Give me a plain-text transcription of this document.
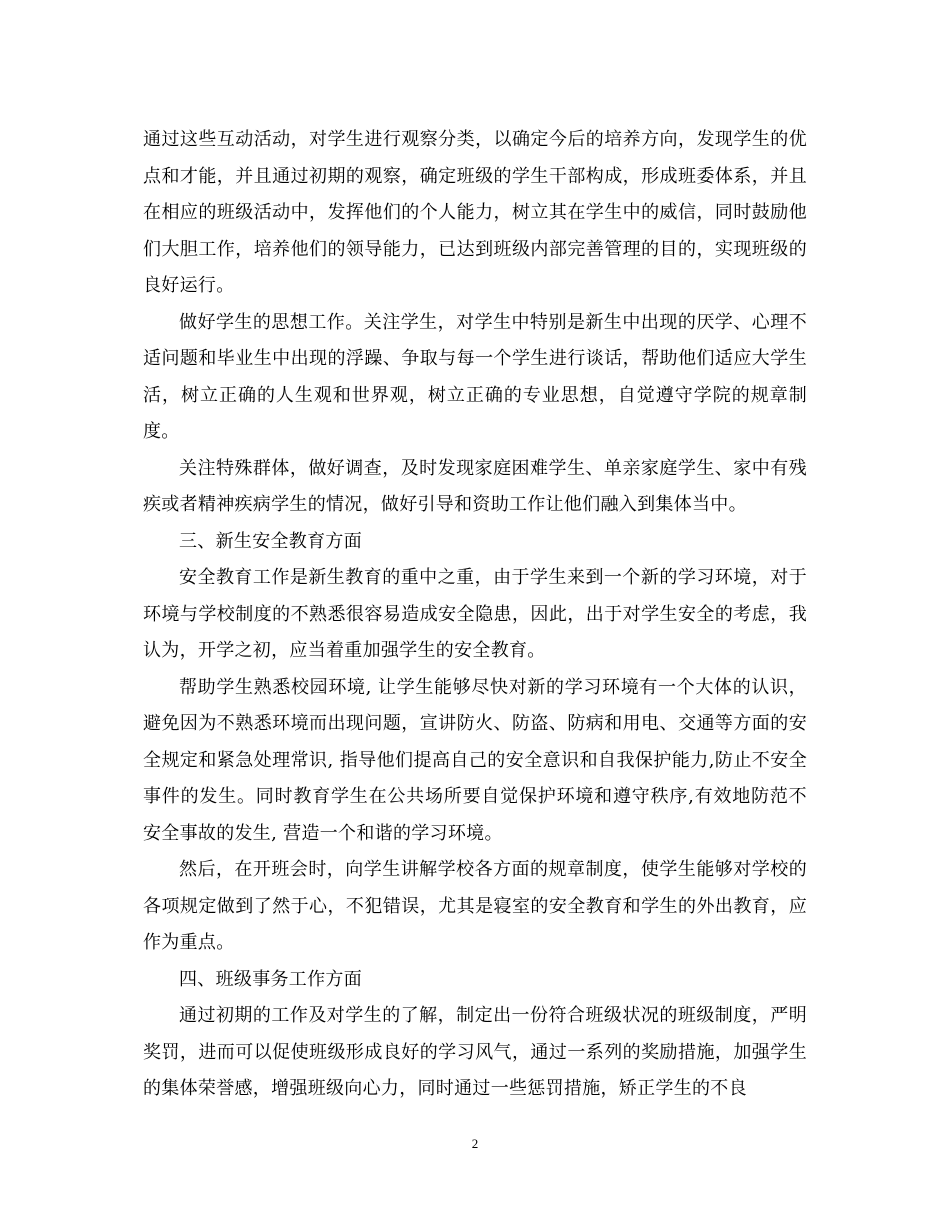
通过这些互动活动，对学生进行观察分类，以确定今后的培养方向，发现学生的优点和才能，并且通过初期的观察，确定班级的学生干部构成，形成班委体系，并且在相应的班级活动中，发挥他们的个人能力，树立其在学生中的威信，同时鼓励他们大胆工作，培养他们的领导能力，已达到班级内部完善管理的目的，实现班级的良好运行。

做好学生的思想工作。关注学生，对学生中特别是新生中出现的厌学、心理不适问题和毕业生中出现的浮躁、争取与每一个学生进行谈话，帮助他们适应大学生活，树立正确的人生观和世界观，树立正确的专业思想，自觉遵守学院的规章制度。

关注特殊群体，做好调查，及时发现家庭困难学生、单亲家庭学生、家中有残疾或者精神疾病学生的情况，做好引导和资助工作让他们融入到集体当中。

三、新生安全教育方面

安全教育工作是新生教育的重中之重，由于学生来到一个新的学习环境，对于环境与学校制度的不熟悉很容易造成安全隐患，因此，出于对学生安全的考虑，我认为，开学之初，应当着重加强学生的安全教育。

帮助学生熟悉校园环境, 让学生能够尽快对新的学习环境有一个大体的认识，避免因为不熟悉环境而出现问题，宣讲防火、防盗、防病和用电、交通等方面的安全规定和紧急处理常识, 指导他们提高自己的安全意识和自我保护能力,防止不安全事件的发生。同时教育学生在公共场所要自觉保护环境和遵守秩序,有效地防范不安全事故的发生, 营造一个和谐的学习环境。

然后，在开班会时，向学生讲解学校各方面的规章制度，使学生能够对学校的各项规定做到了然于心，不犯错误，尤其是寝室的安全教育和学生的外出教育，应作为重点。

四、班级事务工作方面

通过初期的工作及对学生的了解，制定出一份符合班级状况的班级制度，严明奖罚，进而可以促使班级形成良好的学习风气，通过一系列的奖励措施，加强学生的集体荣誉感，增强班级向心力，同时通过一些惩罚措施，矫正学生的不良

2
